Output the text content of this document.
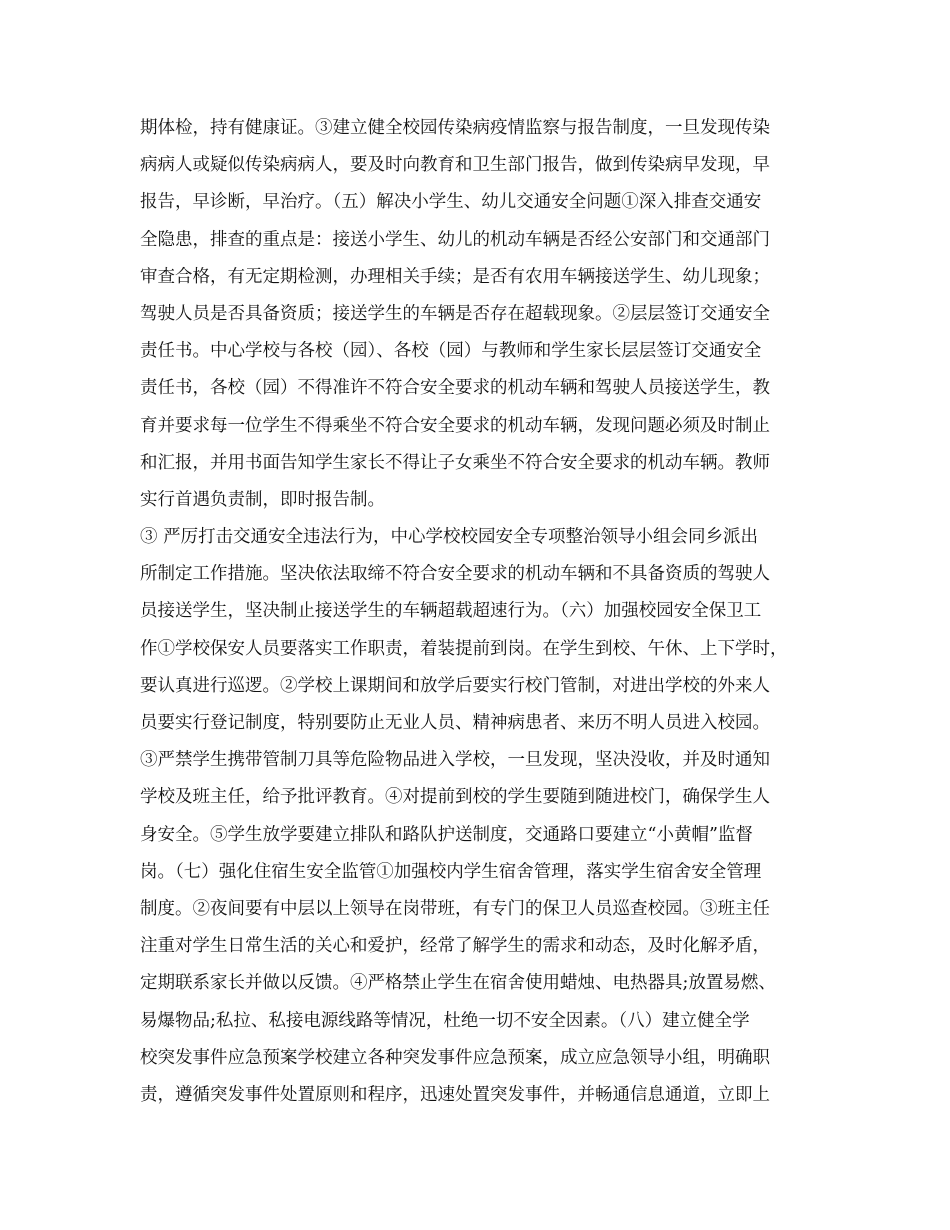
期体检，持有健康证。③建立健全校园传染病疫情监察与报告制度，一旦发现传染
病病人或疑似传染病病人，要及时向教育和卫生部门报告，做到传染病早发现，早
报告，早诊断，早治疗。（五）解决小学生、幼儿交通安全问题①深入排查交通安
全隐患，排查的重点是：接送小学生、幼儿的机动车辆是否经公安部门和交通部门
审查合格，有无定期检测，办理相关手续；是否有农用车辆接送学生、幼儿现象；
驾驶人员是否具备资质；接送学生的车辆是否存在超载现象。②层层签订交通安全
责任书。中心学校与各校（园）、各校（园）与教师和学生家长层层签订交通安全
责任书，各校（园）不得准许不符合安全要求的机动车辆和驾驶人员接送学生，教
育并要求每一位学生不得乘坐不符合安全要求的机动车辆，发现问题必须及时制止
和汇报，并用书面告知学生家长不得让子女乘坐不符合安全要求的机动车辆。教师
实行首遇负责制，即时报告制。
③ 严厉打击交通安全违法行为，中心学校校园安全专项整治领导小组会同乡派出
所制定工作措施。坚决依法取缔不符合安全要求的机动车辆和不具备资质的驾驶人
员接送学生，坚决制止接送学生的车辆超载超速行为。（六）加强校园安全保卫工
作①学校保安人员要落实工作职责，着装提前到岗。在学生到校、午休、上下学时，
要认真进行巡逻。②学校上课期间和放学后要实行校门管制，对进出学校的外来人
员要实行登记制度，特别要防止无业人员、精神病患者、来历不明人员进入校园。
③严禁学生携带管制刀具等危险物品进入学校，一旦发现，坚决没收，并及时通知
学校及班主任，给予批评教育。④对提前到校的学生要随到随进校门，确保学生人
身安全。⑤学生放学要建立排队和路队护送制度，交通路口要建立“小黄帽”监督
岗。（七）强化住宿生安全监管①加强校内学生宿舍管理，落实学生宿舍安全管理
制度。②夜间要有中层以上领导在岗带班，有专门的保卫人员巡查校园。③班主任
注重对学生日常生活的关心和爱护，经常了解学生的需求和动态，及时化解矛盾，
定期联系家长并做以反馈。④严格禁止学生在宿舍使用蜡烛、电热器具;放置易燃、
易爆物品;私拉、私接电源线路等情况，杜绝一切不安全因素。（八）建立健全学
校突发事件应急预案学校建立各种突发事件应急预案，成立应急领导小组，明确职
责，遵循突发事件处置原则和程序，迅速处置突发事件，并畅通信息通道，立即上
